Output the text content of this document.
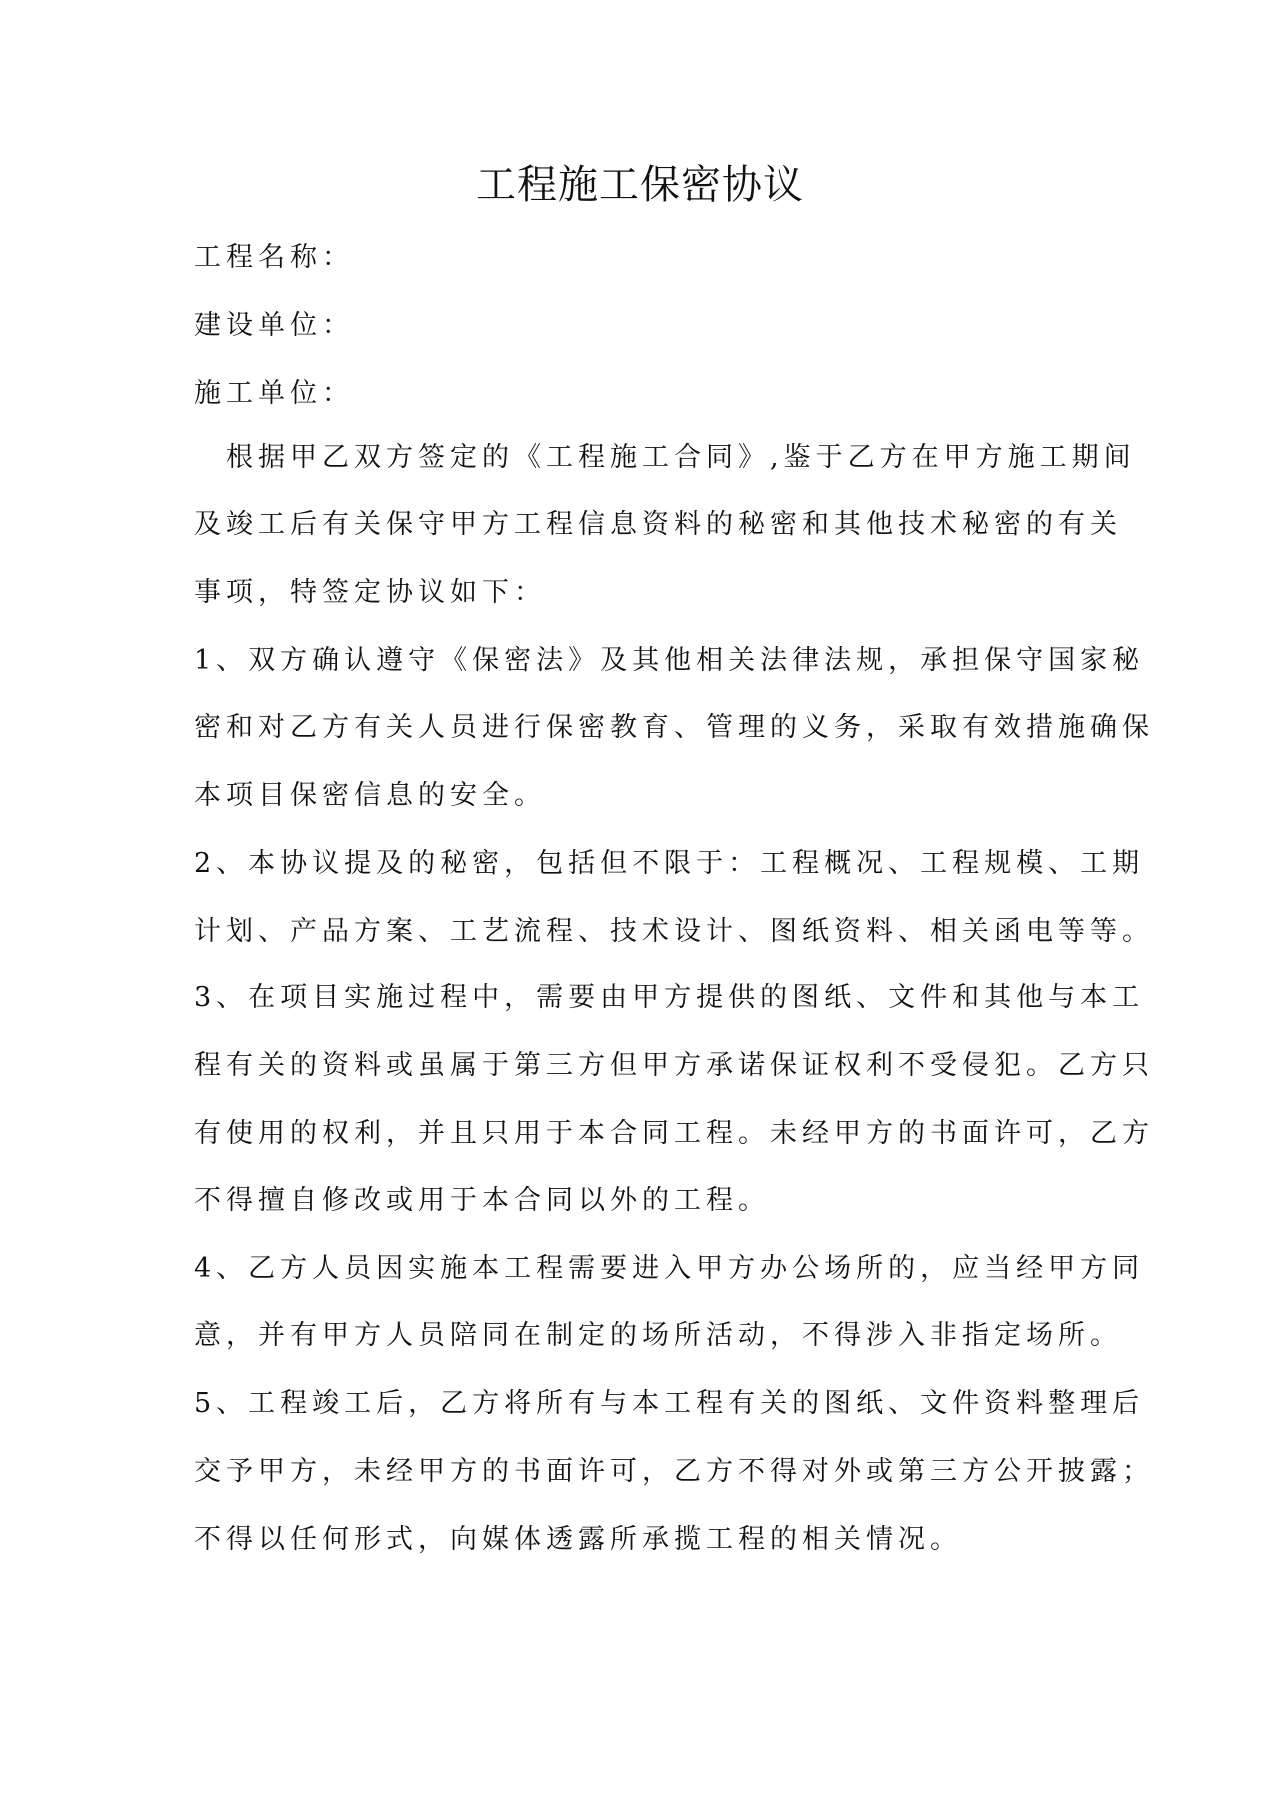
工程施工保密协议

工程名称：

建设单位：

施工单位：

　根据甲乙双方签定的《工程施工合同》,鉴于乙方在甲方施工期间

及竣工后有关保守甲方工程信息资料的秘密和其他技术秘密的有关

事项，特签定协议如下：

1、双方确认遵守《保密法》及其他相关法律法规，承担保守国家秘

密和对乙方有关人员进行保密教育、管理的义务，采取有效措施确保

本项目保密信息的安全。

2、本协议提及的秘密，包括但不限于：工程概况、工程规模、工期

计划、产品方案、工艺流程、技术设计、图纸资料、相关函电等等。

3、在项目实施过程中，需要由甲方提供的图纸、文件和其他与本工

程有关的资料或虽属于第三方但甲方承诺保证权利不受侵犯。乙方只

有使用的权利，并且只用于本合同工程。未经甲方的书面许可，乙方

不得擅自修改或用于本合同以外的工程。

4、乙方人员因实施本工程需要进入甲方办公场所的，应当经甲方同

意，并有甲方人员陪同在制定的场所活动，不得涉入非指定场所。

5、工程竣工后，乙方将所有与本工程有关的图纸、文件资料整理后

交予甲方，未经甲方的书面许可，乙方不得对外或第三方公开披露；

不得以任何形式，向媒体透露所承揽工程的相关情况。
